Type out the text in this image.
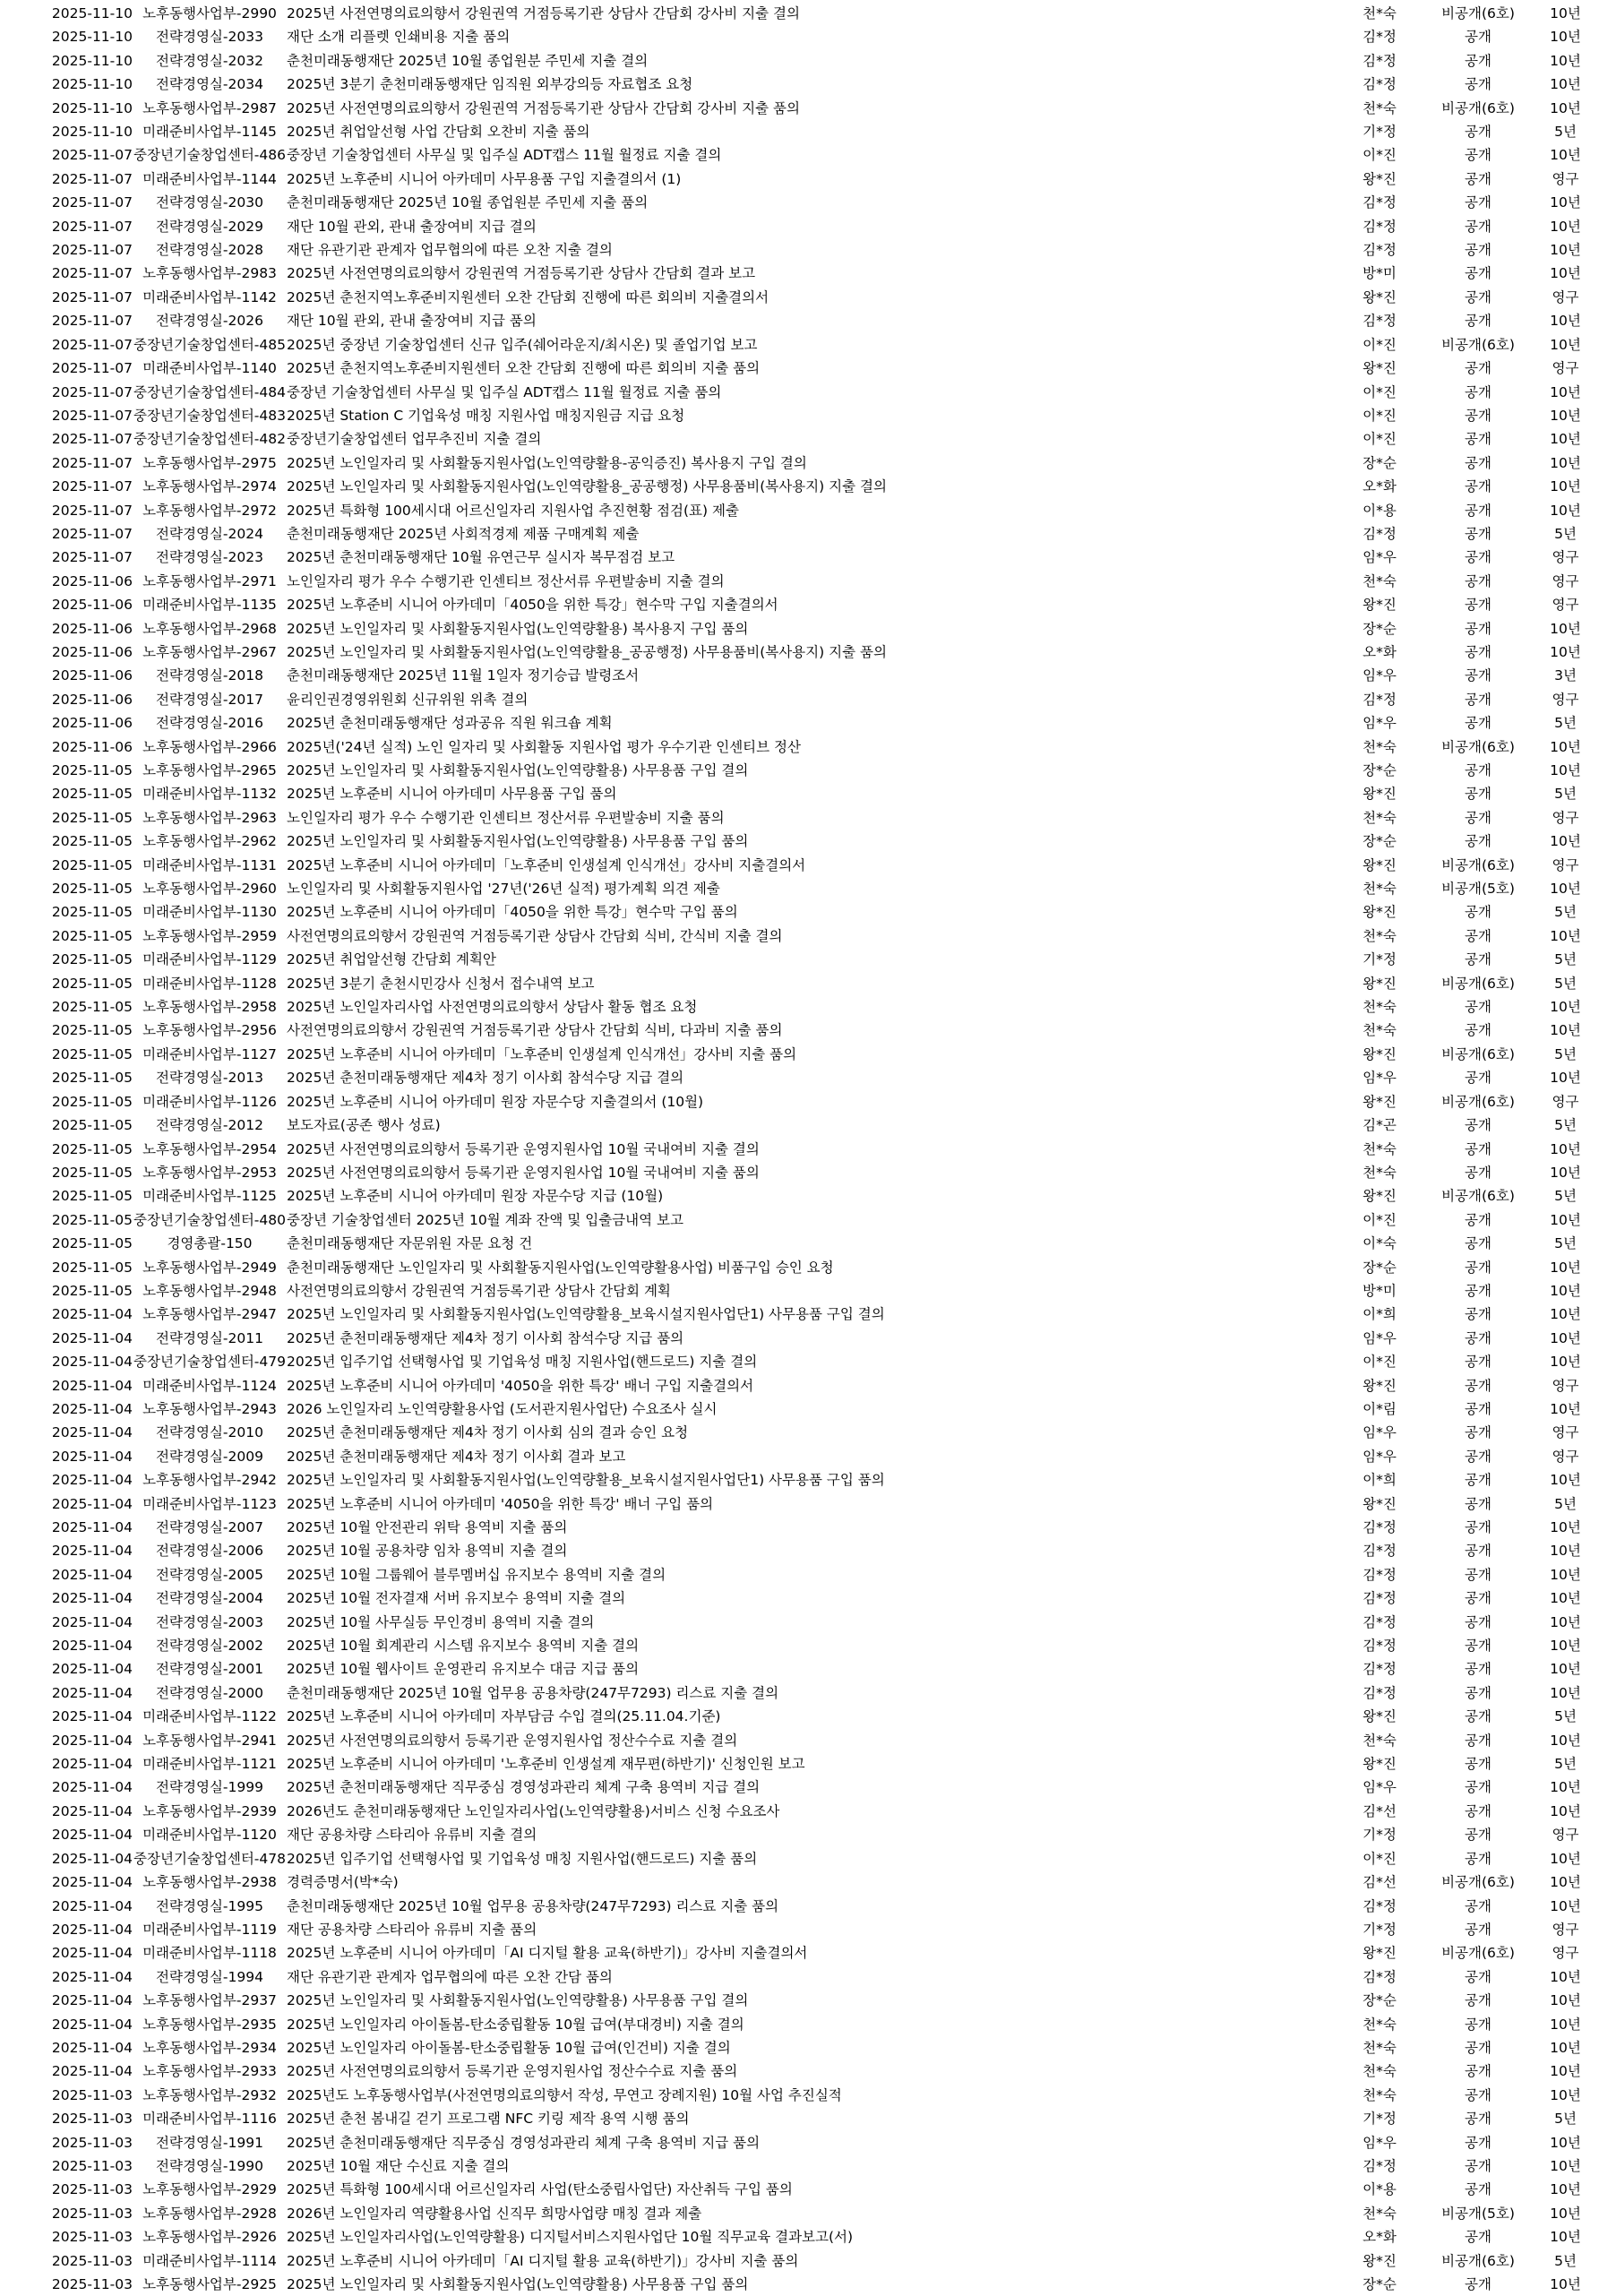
2025-11-10	노후동행사업부-2990	2025년 사전연명의료의향서 강원권역 거점등록기관 상담사 간담회 강사비 지출 결의	천*숙	비공개(6호)	10년
2025-11-10	전략경영실-2033	재단 소개 리플렛 인쇄비용 지출 품의	김*정	공개	10년
2025-11-10	전략경영실-2032	춘천미래동행재단 2025년 10월 종업원분 주민세 지출 결의	김*정	공개	10년
2025-11-10	전략경영실-2034	2025년 3분기 춘천미래동행재단 임직원 외부강의등 자료협조 요청	김*정	공개	10년
2025-11-10	노후동행사업부-2987	2025년 사전연명의료의향서 강원권역 거점등록기관 상담사 간담회 강사비 지출 품의	천*숙	비공개(6호)	10년
2025-11-10	미래준비사업부-1145	2025년 취업알선형 사업 간담회 오찬비 지출 품의	기*정	공개	5년
2025-11-07	중장년기술창업센터-486	중장년 기술창업센터 사무실 및 입주실 ADT캡스 11월 월정료 지출 결의	이*진	공개	10년
2025-11-07	미래준비사업부-1144	2025년 노후준비 시니어 아카데미 사무용품 구입 지출결의서 (1)	왕*진	공개	영구
2025-11-07	전략경영실-2030	춘천미래동행재단 2025년 10월 종업원분 주민세 지출 품의	김*정	공개	10년
2025-11-07	전략경영실-2029	재단 10월 관외, 관내 출장여비 지급 결의	김*정	공개	10년
2025-11-07	전략경영실-2028	재단 유관기관 관계자 업무협의에 따른 오찬 지출 결의	김*정	공개	10년
2025-11-07	노후동행사업부-2983	2025년 사전연명의료의향서 강원권역 거점등록기관 상담사 간담회 결과 보고	방*미	공개	10년
2025-11-07	미래준비사업부-1142	2025년 춘천지역노후준비지원센터 오찬 간담회 진행에 따른 회의비 지출결의서	왕*진	공개	영구
2025-11-07	전략경영실-2026	재단 10월 관외, 관내 출장여비 지급 품의	김*정	공개	10년
2025-11-07	중장년기술창업센터-485	2025년 중장년 기술창업센터 신규 입주(쉐어라운지/최시온) 및 졸업기업 보고	이*진	비공개(6호)	10년
2025-11-07	미래준비사업부-1140	2025년 춘천지역노후준비지원센터 오찬 간담회 진행에 따른 회의비 지출 품의	왕*진	공개	영구
2025-11-07	중장년기술창업센터-484	중장년 기술창업센터 사무실 및 입주실 ADT캡스 11월 월정료 지출 품의	이*진	공개	10년
2025-11-07	중장년기술창업센터-483	2025년 Station C 기업육성 매칭 지원사업 매칭지원금 지급 요청	이*진	공개	10년
2025-11-07	중장년기술창업센터-482	중장년기술창업센터 업무추진비 지출 결의	이*진	공개	10년
2025-11-07	노후동행사업부-2975	2025년 노인일자리 및 사회활동지원사업(노인역량활용-공익증진) 복사용지 구입 결의	장*순	공개	10년
2025-11-07	노후동행사업부-2974	2025년 노인일자리 및 사회활동지원사업(노인역량활용_공공행정) 사무용품비(복사용지) 지출 결의	오*화	공개	10년
2025-11-07	노후동행사업부-2972	2025년 특화형 100세시대 어르신일자리 지원사업 추진현황 점검(표) 제출	이*용	공개	10년
2025-11-07	전략경영실-2024	춘천미래동행재단 2025년 사회적경제 제품 구매계획 제출	김*정	공개	5년
2025-11-07	전략경영실-2023	2025년 춘천미래동행재단 10월 유연근무 실시자 복무점검 보고	임*우	공개	영구
2025-11-06	노후동행사업부-2971	노인일자리 평가 우수 수행기관 인센티브 정산서류 우편발송비 지출 결의	천*숙	공개	영구
2025-11-06	미래준비사업부-1135	2025년 노후준비 시니어 아카데미「4050을 위한 특강」현수막 구입 지출결의서	왕*진	공개	영구
2025-11-06	노후동행사업부-2968	2025년 노인일자리 및 사회활동지원사업(노인역량활용) 복사용지 구입 품의	장*순	공개	10년
2025-11-06	노후동행사업부-2967	2025년 노인일자리 및 사회활동지원사업(노인역량활용_공공행정) 사무용품비(복사용지) 지출 품의	오*화	공개	10년
2025-11-06	전략경영실-2018	춘천미래동행재단 2025년 11월 1일자 정기승급 발령조서	임*우	공개	3년
2025-11-06	전략경영실-2017	윤리인권경영위원회 신규위원 위촉 결의	김*정	공개	영구
2025-11-06	전략경영실-2016	2025년 춘천미래동행재단 성과공유 직원 워크숍 계획	임*우	공개	5년
2025-11-06	노후동행사업부-2966	2025년('24년 실적) 노인 일자리 및 사회활동 지원사업 평가 우수기관 인센티브 정산	천*숙	비공개(6호)	10년
2025-11-05	노후동행사업부-2965	2025년 노인일자리 및 사회활동지원사업(노인역량활용) 사무용품 구입 결의	장*순	공개	10년
2025-11-05	미래준비사업부-1132	2025년 노후준비 시니어 아카데미 사무용품 구입 품의	왕*진	공개	5년
2025-11-05	노후동행사업부-2963	노인일자리 평가 우수 수행기관 인센티브 정산서류 우편발송비 지출 품의	천*숙	공개	영구
2025-11-05	노후동행사업부-2962	2025년 노인일자리 및 사회활동지원사업(노인역량활용) 사무용품 구입 품의	장*순	공개	10년
2025-11-05	미래준비사업부-1131	2025년 노후준비 시니어 아카데미「노후준비 인생설계 인식개선」강사비 지출결의서	왕*진	비공개(6호)	영구
2025-11-05	노후동행사업부-2960	노인일자리 및 사회활동지원사업 '27년('26년 실적) 평가계획 의견 제출	천*숙	비공개(5호)	10년
2025-11-05	미래준비사업부-1130	2025년 노후준비 시니어 아카데미「4050을 위한 특강」현수막 구입 품의	왕*진	공개	5년
2025-11-05	노후동행사업부-2959	사전연명의료의향서 강원권역 거점등록기관 상담사 간담회 식비, 간식비 지출 결의	천*숙	공개	10년
2025-11-05	미래준비사업부-1129	2025년 취업알선형 간담회 계획안	기*정	공개	5년
2025-11-05	미래준비사업부-1128	2025년 3분기 춘천시민강사 신청서 접수내역 보고	왕*진	비공개(6호)	5년
2025-11-05	노후동행사업부-2958	2025년 노인일자리사업 사전연명의료의향서 상담사 활동 협조 요청	천*숙	공개	10년
2025-11-05	노후동행사업부-2956	사전연명의료의향서 강원권역 거점등록기관 상담사 간담회 식비, 다과비 지출 품의	천*숙	공개	10년
2025-11-05	미래준비사업부-1127	2025년 노후준비 시니어 아카데미「노후준비 인생설계 인식개선」강사비 지출 품의	왕*진	비공개(6호)	5년
2025-11-05	전략경영실-2013	2025년 춘천미래동행재단 제4차 정기 이사회 참석수당 지급 결의	임*우	공개	10년
2025-11-05	미래준비사업부-1126	2025년 노후준비 시니어 아카데미 원장 자문수당 지출결의서 (10월)	왕*진	비공개(6호)	영구
2025-11-05	전략경영실-2012	보도자료(공존 행사 성료)	김*곤	공개	5년
2025-11-05	노후동행사업부-2954	2025년 사전연명의료의향서 등록기관 운영지원사업 10월 국내여비 지출 결의	천*숙	공개	10년
2025-11-05	노후동행사업부-2953	2025년 사전연명의료의향서 등록기관 운영지원사업 10월 국내여비 지출 품의	천*숙	공개	10년
2025-11-05	미래준비사업부-1125	2025년 노후준비 시니어 아카데미 원장 자문수당 지급 (10월)	왕*진	비공개(6호)	5년
2025-11-05	중장년기술창업센터-480	중장년 기술창업센터 2025년 10월 계좌 잔액 및 입출금내역 보고	이*진	공개	10년
2025-11-05	경영총괄-150	춘천미래동행재단 자문위원 자문 요청 건	이*숙	공개	5년
2025-11-05	노후동행사업부-2949	춘천미래동행재단 노인일자리 및 사회활동지원사업(노인역량활용사업) 비품구입 승인 요청	장*순	공개	10년
2025-11-05	노후동행사업부-2948	사전연명의료의향서 강원권역 거점등록기관 상담사 간담회 계획	방*미	공개	10년
2025-11-04	노후동행사업부-2947	2025년 노인일자리 및 사회활동지원사업(노인역량활용_보육시설지원사업단1) 사무용품 구입 결의	이*희	공개	10년
2025-11-04	전략경영실-2011	2025년 춘천미래동행재단 제4차 정기 이사회 참석수당 지급 품의	임*우	공개	10년
2025-11-04	중장년기술창업센터-479	2025년 입주기업 선택형사업 및 기업육성 매칭 지원사업(핸드로드) 지출 결의	이*진	공개	10년
2025-11-04	미래준비사업부-1124	2025년 노후준비 시니어 아카데미 '4050을 위한 특강' 배너 구입 지출결의서	왕*진	공개	영구
2025-11-04	노후동행사업부-2943	2026 노인일자리 노인역량활용사업 (도서관지원사업단) 수요조사 실시	이*림	공개	10년
2025-11-04	전략경영실-2010	2025년 춘천미래동행재단 제4차 정기 이사회 심의 결과 승인 요청	임*우	공개	영구
2025-11-04	전략경영실-2009	2025년 춘천미래동행재단 제4차 정기 이사회 결과 보고	임*우	공개	영구
2025-11-04	노후동행사업부-2942	2025년 노인일자리 및 사회활동지원사업(노인역량활용_보육시설지원사업단1) 사무용품 구입 품의	이*희	공개	10년
2025-11-04	미래준비사업부-1123	2025년 노후준비 시니어 아카데미 '4050을 위한 특강' 배너 구입 품의	왕*진	공개	5년
2025-11-04	전략경영실-2007	2025년 10월 안전관리 위탁 용역비 지출 품의	김*정	공개	10년
2025-11-04	전략경영실-2006	2025년 10월 공용차량 임차 용역비 지출 결의	김*정	공개	10년
2025-11-04	전략경영실-2005	2025년 10월 그룹웨어 블루멤버십 유지보수 용역비 지출 결의	김*정	공개	10년
2025-11-04	전략경영실-2004	2025년 10월 전자결재 서버 유지보수 용역비 지출 결의	김*정	공개	10년
2025-11-04	전략경영실-2003	2025년 10월 사무실등 무인경비 용역비 지출 결의	김*정	공개	10년
2025-11-04	전략경영실-2002	2025년 10월 회계관리 시스템 유지보수 용역비 지출 결의	김*정	공개	10년
2025-11-04	전략경영실-2001	2025년 10월 웹사이트 운영관리 유지보수 대금 지급 품의	김*정	공개	10년
2025-11-04	전략경영실-2000	춘천미래동행재단 2025년 10월 업무용 공용차량(247무7293) 리스료 지출 결의	김*정	공개	10년
2025-11-04	미래준비사업부-1122	2025년 노후준비 시니어 아카데미 자부담금 수입 결의(25.11.04.기준)	왕*진	공개	5년
2025-11-04	노후동행사업부-2941	2025년 사전연명의료의향서 등록기관 운영지원사업 정산수수료 지출 결의	천*숙	공개	10년
2025-11-04	미래준비사업부-1121	2025년 노후준비 시니어 아카데미 '노후준비 인생설계 재무편(하반기)' 신청인원 보고	왕*진	공개	5년
2025-11-04	전략경영실-1999	2025년 춘천미래동행재단 직무중심 경영성과관리 체계 구축 용역비 지급 결의	임*우	공개	10년
2025-11-04	노후동행사업부-2939	2026년도 춘천미래동행재단 노인일자리사업(노인역량활용)서비스 신청 수요조사	김*선	공개	10년
2025-11-04	미래준비사업부-1120	재단 공용차량 스타리아 유류비 지출 결의	기*정	공개	영구
2025-11-04	중장년기술창업센터-478	2025년 입주기업 선택형사업 및 기업육성 매칭 지원사업(핸드로드) 지출 품의	이*진	공개	10년
2025-11-04	노후동행사업부-2938	경력증명서(박*숙)	김*선	비공개(6호)	10년
2025-11-04	전략경영실-1995	춘천미래동행재단 2025년 10월 업무용 공용차량(247무7293) 리스료 지출 품의	김*정	공개	10년
2025-11-04	미래준비사업부-1119	재단 공용차량 스타리아 유류비 지출 품의	기*정	공개	영구
2025-11-04	미래준비사업부-1118	2025년 노후준비 시니어 아카데미「AI 디지털 활용 교육(하반기)」강사비 지출결의서	왕*진	비공개(6호)	영구
2025-11-04	전략경영실-1994	재단 유관기관 관계자 업무협의에 따른 오찬 간담 품의	김*정	공개	10년
2025-11-04	노후동행사업부-2937	2025년 노인일자리 및 사회활동지원사업(노인역량활용) 사무용품 구입 결의	장*순	공개	10년
2025-11-04	노후동행사업부-2935	2025년 노인일자리 아이돌봄-탄소중립활동 10월 급여(부대경비) 지출 결의	천*숙	공개	10년
2025-11-04	노후동행사업부-2934	2025년 노인일자리 아이돌봄-탄소중립활동 10월 급여(인건비) 지출 결의	천*숙	공개	10년
2025-11-04	노후동행사업부-2933	2025년 사전연명의료의향서 등록기관 운영지원사업 정산수수료 지출 품의	천*숙	공개	10년
2025-11-03	노후동행사업부-2932	2025년도 노후동행사업부(사전연명의료의향서 작성, 무연고 장례지원) 10월 사업 추진실적	천*숙	공개	10년
2025-11-03	미래준비사업부-1116	2025년 춘천 봄내길 걷기 프로그램 NFC 키링 제작 용역 시행 품의	기*정	공개	5년
2025-11-03	전략경영실-1991	2025년 춘천미래동행재단 직무중심 경영성과관리 체계 구축 용역비 지급 품의	임*우	공개	10년
2025-11-03	전략경영실-1990	2025년 10월 재단 수신료 지출 결의	김*정	공개	10년
2025-11-03	노후동행사업부-2929	2025년 특화형 100세시대 어르신일자리 사업(탄소중립사업단) 자산취득 구입 품의	이*용	공개	10년
2025-11-03	노후동행사업부-2928	2026년 노인일자리 역량활용사업 신직무 희망사업량 매칭 결과 제출	천*숙	비공개(5호)	10년
2025-11-03	노후동행사업부-2926	2025년 노인일자리사업(노인역량활용) 디지털서비스지원사업단 10월 직무교육 결과보고(서)	오*화	공개	10년
2025-11-03	미래준비사업부-1114	2025년 노후준비 시니어 아카데미「AI 디지털 활용 교육(하반기)」강사비 지출 품의	왕*진	비공개(6호)	5년
2025-11-03	노후동행사업부-2925	2025년 노인일자리 및 사회활동지원사업(노인역량활용) 사무용품 구입 품의	장*순	공개	10년
